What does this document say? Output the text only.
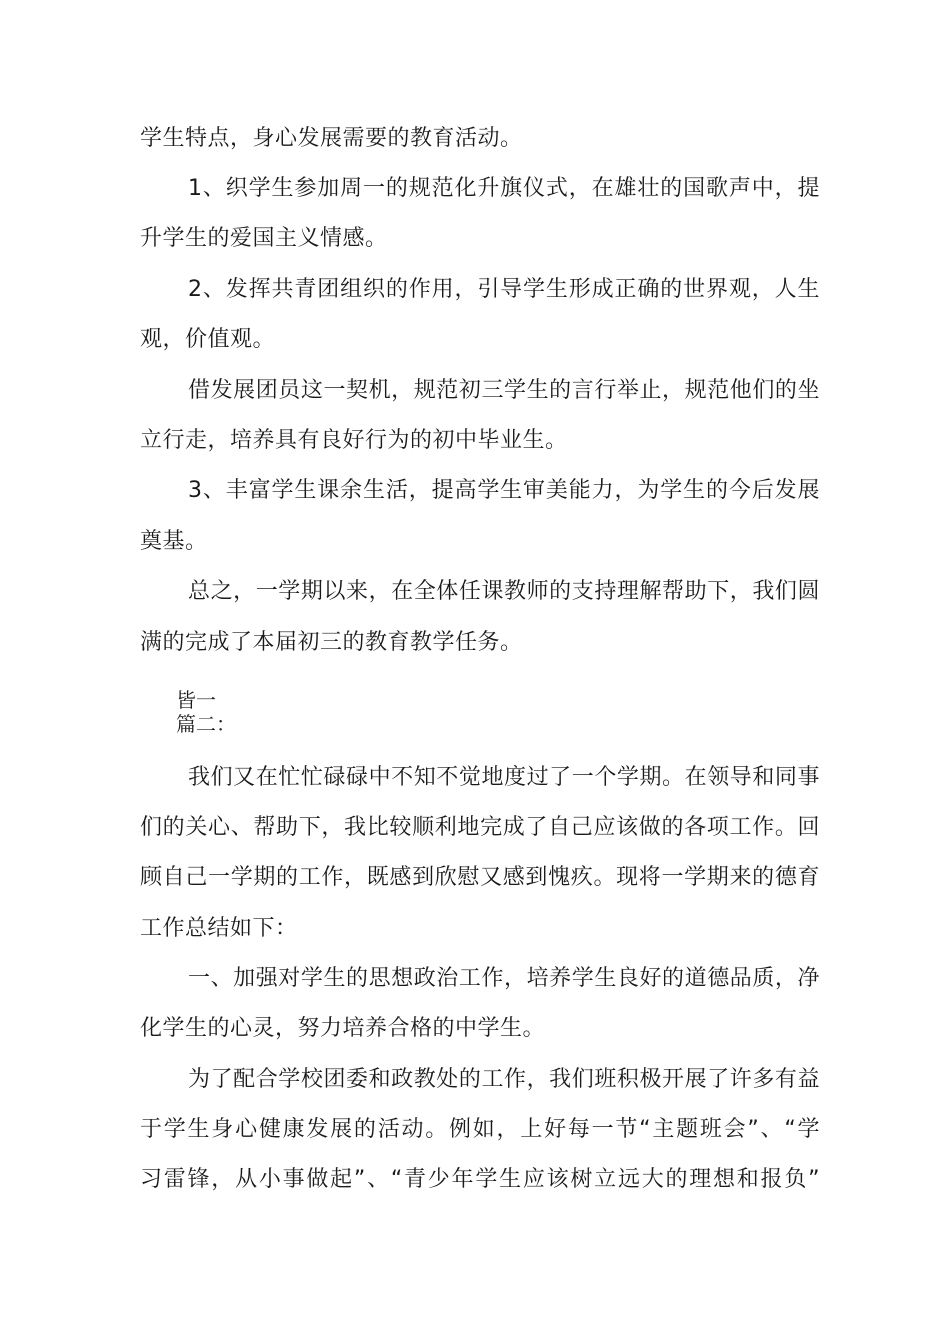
学生特点，身心发展需要的教育活动。
1、织学生参加周一的规范化升旗仪式，在雄壮的国歌声中，提
升学生的爱国主义情感。
2、发挥共青团组织的作用，引导学生形成正确的世界观，人生
观，价值观。
借发展团员这一契机，规范初三学生的言行举止，规范他们的坐
立行走，培养具有良好行为的初中毕业生。
3、丰富学生课余生活，提高学生审美能力，为学生的今后发展
奠基。
总之，一学期以来，在全体任课教师的支持理解帮助下，我们圆
满的完成了本届初三的教育教学任务。
皆一
篇二：
我们又在忙忙碌碌中不知不觉地度过了一个学期。在领导和同事
们的关心、帮助下，我比较顺利地完成了自己应该做的各项工作。回
顾自己一学期的工作，既感到欣慰又感到愧疚。现将一学期来的德育
工作总结如下：
一、加强对学生的思想政治工作，培养学生良好的道德品质，净
化学生的心灵，努力培养合格的中学生。
为了配合学校团委和政教处的工作，我们班积极开展了许多有益
于学生身心健康发展的活动。例如，上好每一节“主题班会”、“学
习雷锋，从小事做起”、“青少年学生应该树立远大的理想和报负”
